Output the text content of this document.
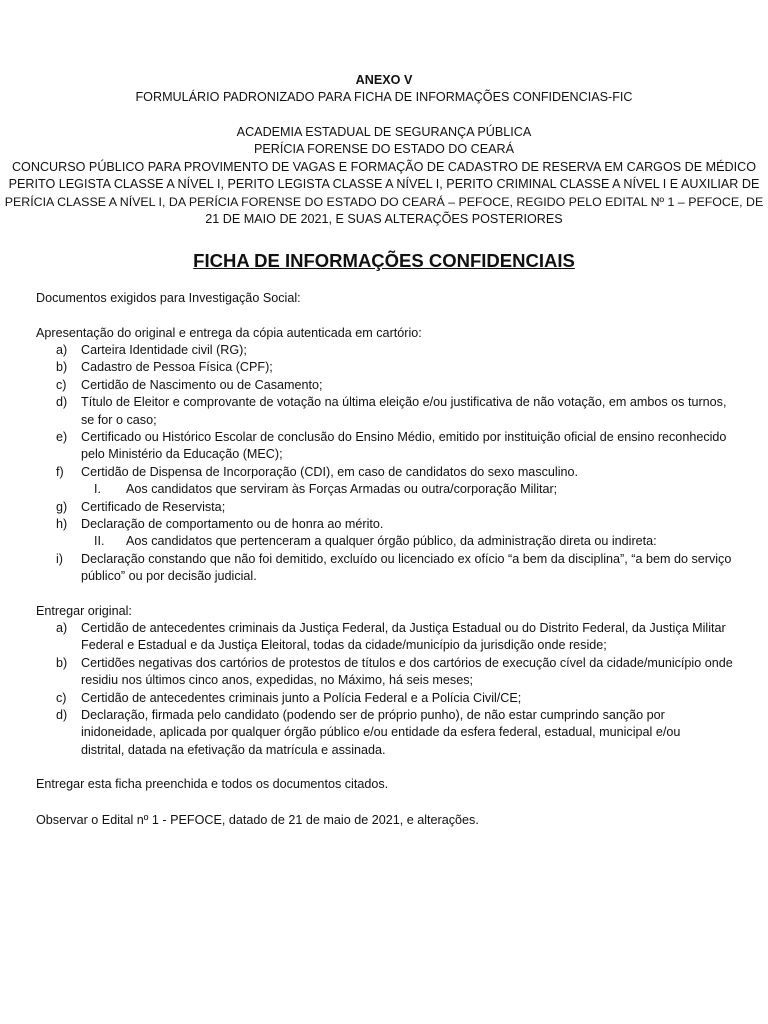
ANEXO V
FORMULÁRIO PADRONIZADO PARA FICHA DE INFORMAÇÕES CONFIDENCIAS-FIC
ACADEMIA ESTADUAL DE SEGURANÇA PÚBLICA
PERÍCIA FORENSE DO ESTADO DO CEARÁ
CONCURSO PÚBLICO PARA PROVIMENTO DE VAGAS E FORMAÇÃO DE CADASTRO DE RESERVA EM CARGOS DE MÉDICO
PERITO LEGISTA CLASSE A NÍVEL I, PERITO LEGISTA CLASSE A NÍVEL I, PERITO CRIMINAL CLASSE A NÍVEL I E AUXILIAR DE
PERÍCIA CLASSE A NÍVEL I, DA PERÍCIA FORENSE DO ESTADO DO CEARÁ – PEFOCE, REGIDO PELO EDITAL Nº 1 – PEFOCE, DE
21 DE MAIO DE 2021, E SUAS ALTERAÇÕES POSTERIORES
FICHA DE INFORMAÇÕES CONFIDENCIAIS
Documentos exigidos para Investigação Social:
Apresentação do original e entrega da cópia autenticada em cartório:
a)	Carteira Identidade civil (RG);
b)	Cadastro de Pessoa Física (CPF);
c)	Certidão de Nascimento ou de Casamento;
d)	Título de Eleitor e comprovante de votação na última eleição e/ou justificativa de não votação, em ambos os turnos,
se for o caso;
e)	Certificado ou Histórico Escolar de conclusão do Ensino Médio, emitido por instituição oficial de ensino reconhecido
pelo Ministério da Educação (MEC);
f)	Certidão de Dispensa de Incorporação (CDI), em caso de candidatos do sexo masculino.
I.	Aos candidatos que serviram às Forças Armadas ou outra/corporação Militar;
g)	Certificado de Reservista;
h)	Declaração de comportamento ou de honra ao mérito.
II.	Aos candidatos que pertenceram a qualquer órgão público, da administração direta ou indireta:
i)	Declaração constando que não foi demitido, excluído ou licenciado ex ofício “a bem da disciplina”, “a bem do serviço
público” ou por decisão judicial.
Entregar original:
a)	Certidão de antecedentes criminais da Justiça Federal, da Justiça Estadual ou do Distrito Federal, da Justiça Militar
Federal e Estadual e da Justiça Eleitoral, todas da cidade/município da jurisdição onde reside;
b)	Certidões negativas dos cartórios de protestos de títulos e dos cartórios de execução cível da cidade/município onde
residiu nos últimos cinco anos, expedidas, no Máximo, há seis meses;
c)	Certidão de antecedentes criminais junto a Polícia Federal e a Polícia Civil/CE;
d)	Declaração, firmada pelo candidato (podendo ser de próprio punho), de não estar cumprindo sanção por
inidoneidade, aplicada por qualquer órgão público e/ou entidade da esfera federal, estadual, municipal e/ou
distrital, datada na efetivação da matrícula e assinada.
Entregar esta ficha preenchida e todos os documentos citados.
Observar o Edital nº 1 - PEFOCE, datado de 21 de maio de 2021, e alterações.
